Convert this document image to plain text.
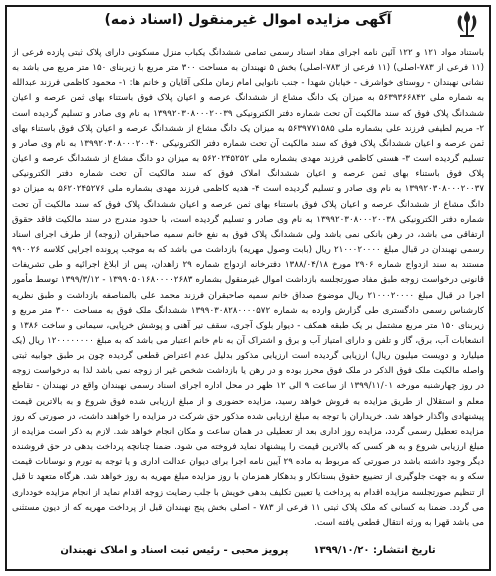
آگهی مزایده اموال غیرمنقول (اسناد ذمه)
باستناد مواد ۱۲۱ و ۱۲۲ آئین نامه اجرای مفاد اسناد رسمی تمامی ششدانگ یکباب منزل مسکونی دارای پلاک ثبتی پازده فرعی از (۱۱ فرعی از ۷۸۳-اصلی) (۱۱ فرعی از ۷۸۳-اصلی) بخش ۵ نهبندان به مساحت ۳۰۰ متر مربع با زیربنای ۱۵۰ متر مربع می باشد به نشانی نهبندان - روستای خواشرف - خیابان شهدا - جنب نانوایی امام زمان ملکی آقایان و خانم ها: ۱- محمود کاظمی فرزند عبدالله به شماره ملی ۵۶۳۹۳۶۶۸۴۲ به میزان یک دانگ مشاع از ششدانگ عرصه و اعیان پلاک فوق باستناء بهای ثمن عرصه و اعیان ششدانگ پلاک فوق که سند مالکیت آن تحت شماره دفتر الکترونیکی ۱۳۹۹۲۰۳۰۸۰۰۰۲۰۰۳۹ به نام وی صادر و تسلیم گردیده است ۲- مریم لطیفی فرزند علی بشماره ملی ۵۶۳۹۷۷۱۵۸۵ به میزان یک دانگ مشاع از ششدانگ عرصه و اعیان پلاک فوق باستناء بهای ثمن عرصه و اعیان ششدانگ پلاک فوق که سند مالکیت آن تحت شماره دفتر الکترونیکی ۱۳۹۹۲۰۳۰۸۰۰۰۲۰۰۴۰ به نام وی صادر و تسلیم گردیده است ۳- هستی کاظمی فرزند مهدی بشماره ملی ۵۶۲۰۲۴۵۲۵۲ به میزان دو دانگ مشاع از ششدانگ عرصه و اعیان پلاک فوق باستناء بهای ثمن عرصه و اعیان ششدانگ املاک فوق که سند مالکیت آن تحت شماره دفتر الکترونیکی ۱۳۹۹۲۰۳۰۸۰۰۰۲۰۰۳۷ به نام وی صادر و تسلیم گردیده است ۴- هدیه کاظمی فرزند مهدی بشماره ملی ۵۶۲۰۲۴۵۲۷۶ به میزان دو دانگ مشاع از ششدانگ عرصه و اعیان پلاک فوق باستناء بهای ثمن عرصه و اعیان ششدانگ پلاک فوق که سند مالکیت آن تحت شماره دفتر الکترونیکی ۱۳۹۹۲۰۳۰۸۰۰۰۲۰۰۳۸ به نام وی صادر و تسلیم گردیده است، با حدود مندرج در سند مالکیت فاقد حقوق ارتفاقی می باشد، در رهن بانکی نمی باشد ولی ششدانگ پلاک فوق به نفع خانم سمیه صاحبقران (زوجه) از طرف اجرای اسناد رسمی نهبندان در قبال مبلغ ۲۱۰۰۰۲۰۰۰۰ ریال (بابت وصول مهریه) بازداشت می باشد که به موجب پرونده اجرایی کلاسه ۹۹۰۰۲۶ مستند به سند ازدواج شماره ۲۹۰۶ مورخ ۱۳۸۸/۰۴/۱۸ دفترخانه ازدواج شماره ۲۹ زاهدان، پس از ابلاغ اجرائیه و طی تشریفات قانونی درخواست زوجه طبق مفاد صورتجلسه بازداشت اموال غیرمنقول بشماره ۱۳۹۹۰۵۰۱۶۸۰۰۰۰۲۶۸۳ - ۱۳۹۹/۳/۱۲ توسط مأمور اجرا در قبال مبلغ ۲۱۰۰۰۲۰۰۰۰ ریال موضوع صداق خانم سمیه صاحبقران فرزند محمد علی بالمناصفه بازداشت و طبق نظریه کارشناس رسمی دادگستری طی گزارش وارده به شماره ۱۳۹۹۰۳۰۸۲۸۰۰۰۰۵۷۲ ششدانگ ملک فوق به مساحت ۳۰۰ متر مربع و زیربنای ۱۵۰ متر مربع مشتمل بر یک طبقه همکف - دیوار بلوک آجری، سقف تیر آهنی و پوشش خرپایی، سیمانی و ساخت ۱۳۸۶ و انشعابات آب، برق، گاز و تلفن و دارای امتیاز آب و برق و اشتراک آن به نام خانم اعتبار می باشد که به مبلغ ۱۲۰۰۰۰۰۰۰۰ ریال (یک میلیارد و دویست میلیون ریال) ارزیابی گردیده است ارزیابی مذکور بدلیل عدم اعتراض قطعی گردیده چون بر طبق جوابیه ثبتی واصله مالکیت ملک فوق الذکر در ملک فوق محرز بوده و در رهن یا بازداشت شخص غیر از زوجه نمی باشد لذا به درخواست زوجه در روز چهارشنبه مورخه ۱۳۹۹/۱۱/۰۱ از ساعت ۹ الی ۱۲ ظهر در محل اداره اجرای اسناد رسمی نهبندان واقع در نهبندان - تقاطع معلم و استقلال از طریق مزایده به فروش خواهد رسید، مزایده حضوری و از مبلغ ارزیابی شده فوق شروع و به بالاترین قیمت پیشنهادی واگذار خواهد شد. خریداران با توجه به مبلغ ارزیابی شده مذکور حق شرکت در مزایده را خواهند داشت، در صورتی که روز مزایده تعطیل رسمی گردد، مزایده روز اداری بعد از تعطیلی در همان ساعت و مکان انجام خواهد شد. لازم به ذکر است مزایده از مبلغ ارزیابی شروع و به هر کسی که بالاترین قیمت را پیشنهاد نماید فروخته می شود. ضمنا چنانچه پرداخت بدهی در حق فروشنده دیگر وجود داشته باشد در صورتی که مربوط به ماده ۲۹ آیین نامه اجرا برای دیوان عدالت اداری و یا توجه به تورم و نوسانات قیمت سکه و به جهت جلوگیری از تضییع حقوق بستانکار و بدهکار همزمان با روز مزایده مبلغ مهریه به روز خواهد شد. هرگاه متعهد تا قبل از تنظیم صورتجلسه مزایده اقدام به پرداخت یا تعیین تکلیف بدهی خویش با جلب رضایت زوجه اقدام نماید از انجام مزایده خودداری می گردد. ضمنا به کسانی که ملک پلاک ثبتی ۱۱ فرعی از ۷۸۳ - اصلی بخش پنج نهبندان قبل از پرداخت مهریه که از دیون مستثنی می باشد قهرا به ورثه انتقال قطعی یافته است.
تاریخ انتشار: ۱۳۹۹/۱۰/۲۰  پرویز محبی - رئیس ثبت اسناد و املاک نهبندان
